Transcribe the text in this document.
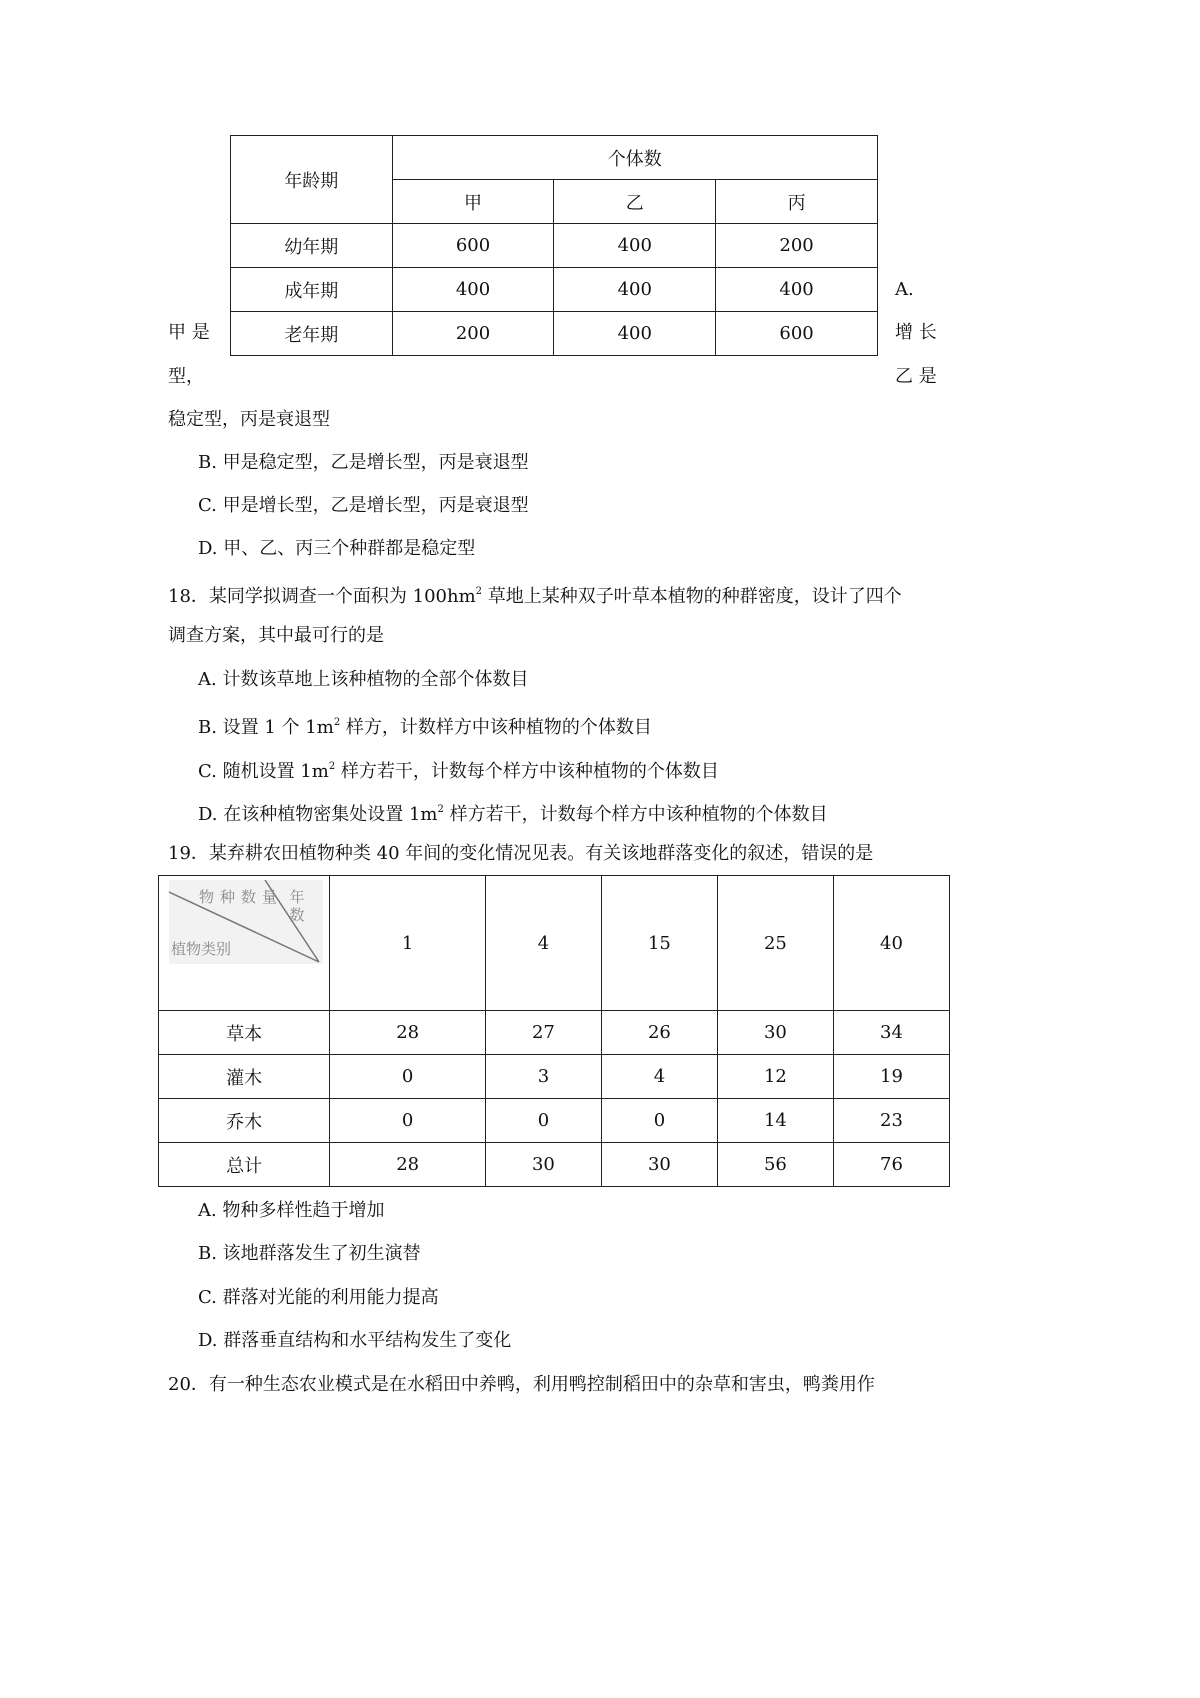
年龄期	个体数		
	甲	乙	丙
幼年期	600	400	200
成年期	400	400	400
老年期	200	400	600
A.
甲 是	增 长
型，	乙 是
稳定型，丙是衰退型
B. 甲是稳定型，乙是增长型，丙是衰退型
C. 甲是增长型，乙是增长型，丙是衰退型
D. 甲、乙、丙三个种群都是稳定型
18．某同学拟调查一个面积为 $100hm^2$ 草地上某种双子叶草本植物的种群密度，设计了四个
调查方案，其中最可行的是
A. 计数该草地上该种植物的全部个体数目
B. 设置 1 个 $1m^2$ 样方，计数样方中该种植物的个体数目
C. 随机设置 $1m^2$ 样方若干，计数每个样方中该种植物的个体数目
D. 在该种植物密集处设置 $1m^2$ 样方若干，计数每个样方中该种植物的个体数目
19．某弃耕农田植物种类 40 年间的变化情况见表。有关该地群落变化的叙述，错误的是
物种数量 年数
植物类别	1	4	15	25	40
草本	28	27	26	30	34
灌木	0	3	4	12	19
乔木	0	0	0	14	23
总计	28	30	30	56	76
A. 物种多样性趋于增加
B. 该地群落发生了初生演替
C. 群落对光能的利用能力提高
D. 群落垂直结构和水平结构发生了变化
20．有一种生态农业模式是在水稻田中养鸭，利用鸭控制稻田中的杂草和害虫，鸭粪用作
